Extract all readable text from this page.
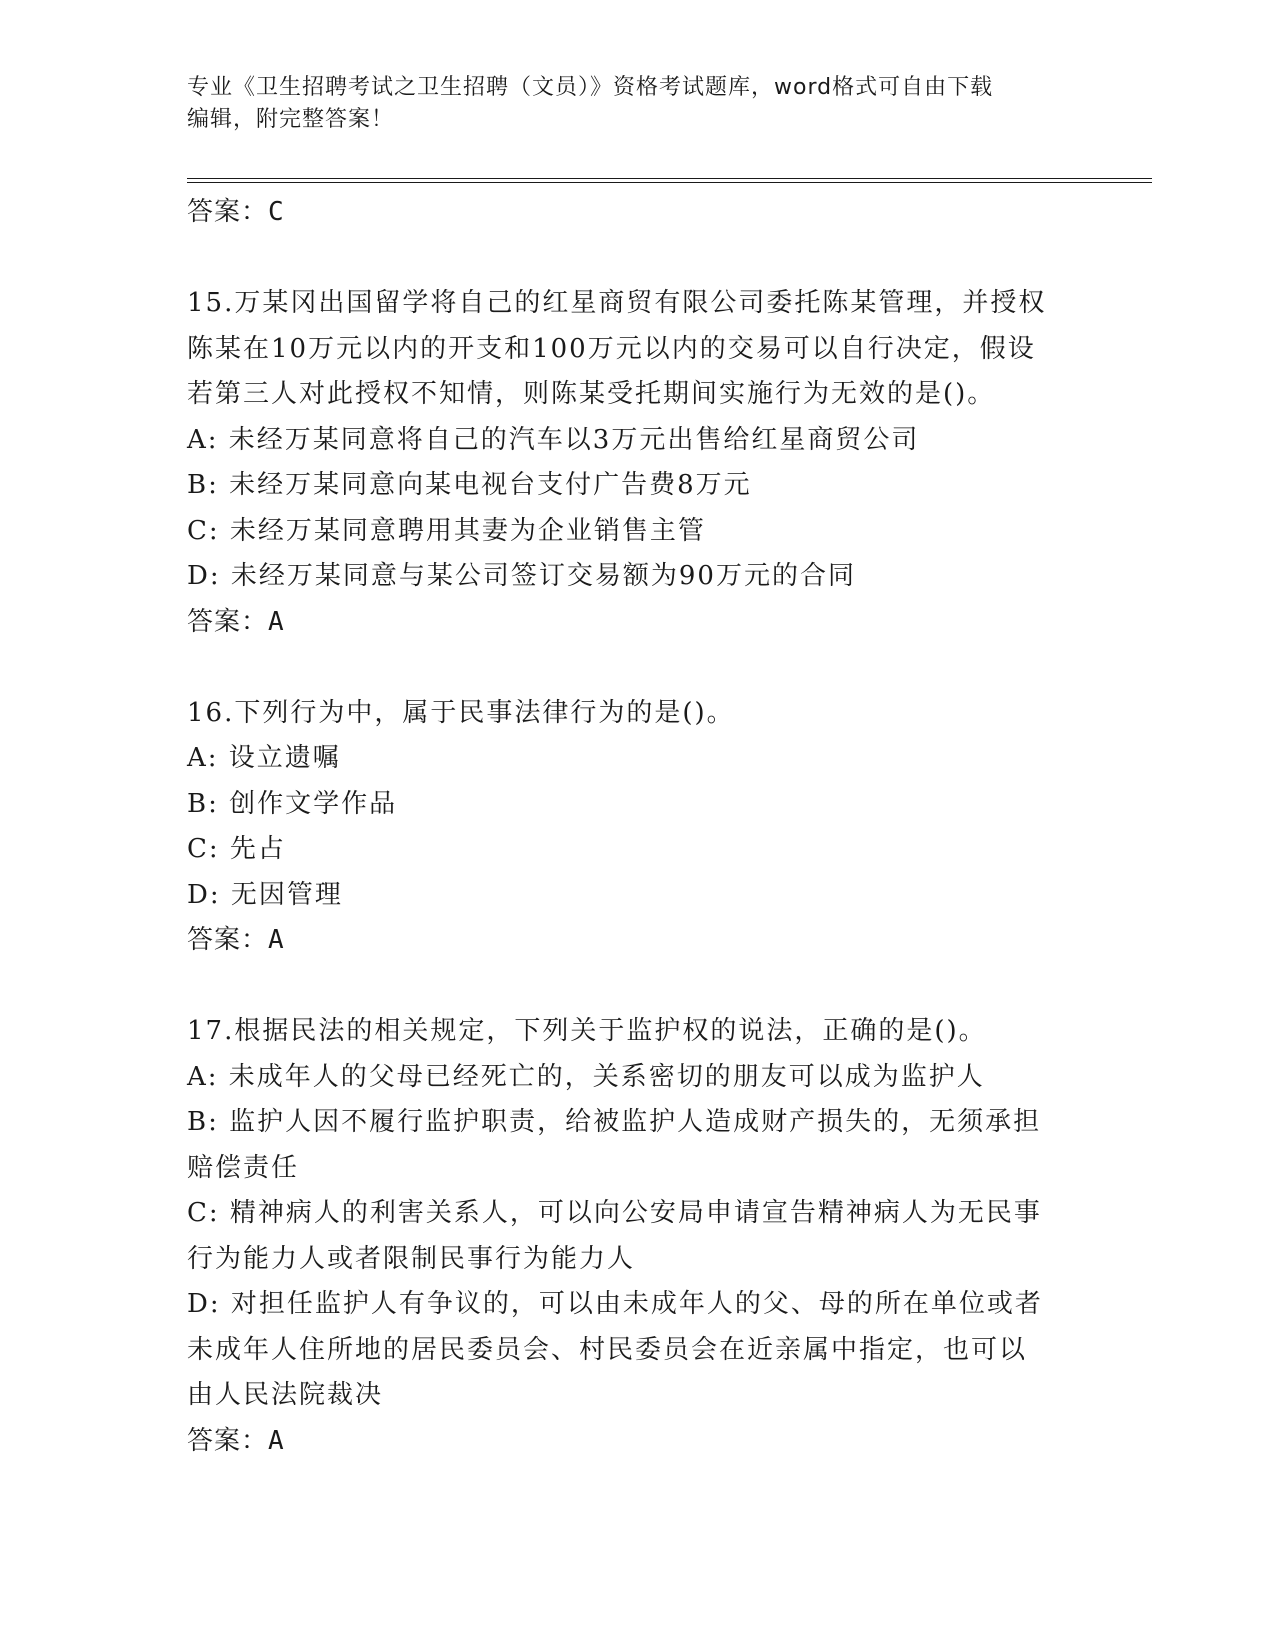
专业《卫生招聘考试之卫生招聘（文员）》资格考试题库，word格式可自由下载
编辑，附完整答案！
答案：C
15.万某冈出国留学将自己的红星商贸有限公司委托陈某管理，并授权
陈某在10万元以内的开支和100万元以内的交易可以自行决定，假设
若第三人对此授权不知情，则陈某受托期间实施行为无效的是()。
A: 未经万某同意将自己的汽车以3万元出售给红星商贸公司
B: 未经万某同意向某电视台支付广告费8万元
C: 未经万某同意聘用其妻为企业销售主管
D: 未经万某同意与某公司签订交易额为90万元的合同
答案：A
16.下列行为中，属于民事法律行为的是()。
A: 设立遗嘱
B: 创作文学作品
C: 先占
D: 无因管理
答案：A
17.根据民法的相关规定，下列关于监护权的说法，正确的是()。
A: 未成年人的父母已经死亡的，关系密切的朋友可以成为监护人
B: 监护人因不履行监护职责，给被监护人造成财产损失的，无须承担
赔偿责任
C: 精神病人的利害关系人，可以向公安局申请宣告精神病人为无民事
行为能力人或者限制民事行为能力人
D: 对担任监护人有争议的，可以由未成年人的父、母的所在单位或者
未成年人住所地的居民委员会、村民委员会在近亲属中指定，也可以
由人民法院裁决
答案：A
